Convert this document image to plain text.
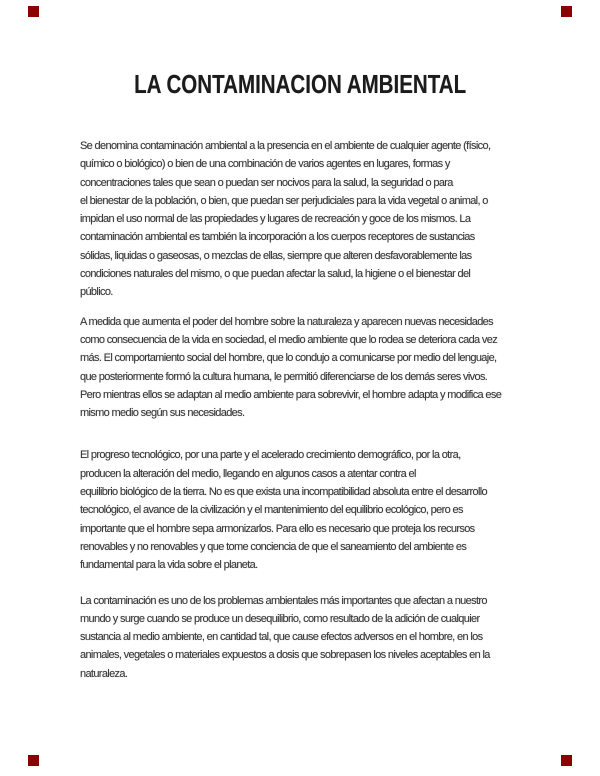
LA CONTAMINACION AMBIENTAL
Se denomina contaminación ambiental a la presencia en el ambiente de cualquier agente (físico,
químico o biológico) o bien de una combinación de varios agentes en lugares, formas y
concentraciones tales que sean o puedan ser nocivos para la salud, la seguridad o para
el bienestar de la población, o bien, que puedan ser perjudiciales para la vida vegetal o animal, o
impidan el uso normal de las propiedades y lugares de recreación y goce de los mismos. La
contaminación ambiental es también la incorporación a los cuerpos receptores de sustancias
sólidas, liquidas o gaseosas, o mezclas de ellas, siempre que alteren desfavorablemente las
condiciones naturales del mismo, o que puedan afectar la salud, la higiene o el bienestar del
público.
A medida que aumenta el poder del hombre sobre la naturaleza y aparecen nuevas necesidades
como consecuencia de la vida en sociedad, el medio ambiente que lo rodea se deteriora cada vez
más. El comportamiento social del hombre, que lo condujo a comunicarse por medio del lenguaje,
que posteriormente formó la cultura humana, le permitió diferenciarse de los demás seres vivos.
Pero mientras ellos se adaptan al medio ambiente para sobrevivir, el hombre adapta y modifica ese
mismo medio según sus necesidades.
El progreso tecnológico, por una parte y el acelerado crecimiento demográfico, por la otra,
producen la alteración del medio, llegando en algunos casos a atentar contra el
equilibrio biológico de la tierra. No es que exista una incompatibilidad absoluta entre el desarrollo
tecnológico, el avance de la civilización y el mantenimiento del equilibrio ecológico, pero es
importante que el hombre sepa armonizarlos. Para ello es necesario que proteja los recursos
renovables y no renovables y que tome conciencia de que el saneamiento del ambiente es
fundamental para la vida sobre el planeta.
La contaminación es uno de los problemas ambientales más importantes que afectan a nuestro
mundo y surge cuando se produce un desequilibrio, como resultado de la adición de cualquier
sustancia al medio ambiente, en cantidad tal, que cause efectos adversos en el hombre, en los
animales, vegetales o materiales expuestos a dosis que sobrepasen los niveles aceptables en la
naturaleza.
